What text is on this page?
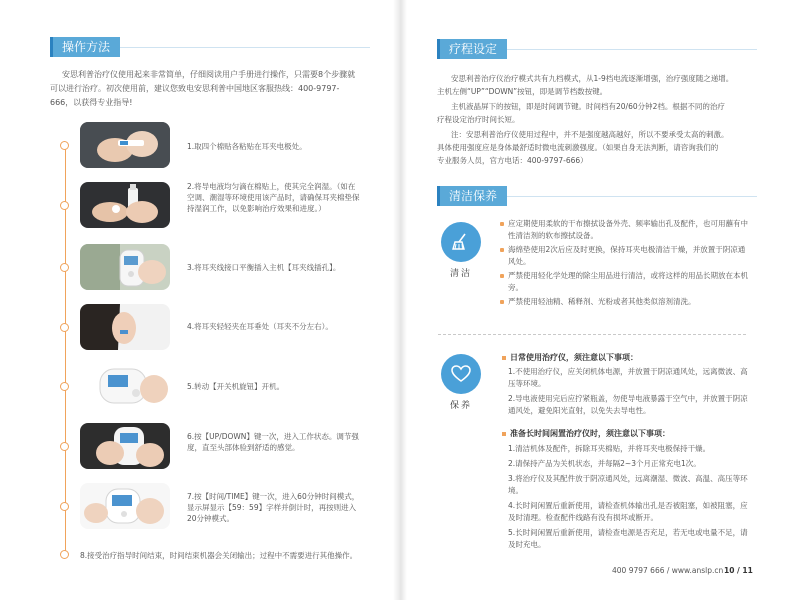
操作方法
安思利普治疗仪使用起来非常简单，仔细阅读用户手册进行操作，只需要8个步骤就
可以进行治疗。初次使用前，建议您致电安思利普中国地区客服热线：400-9797-
666，以获得专业指导!
1.取四个棉贴各粘贴在耳夹电极处。
2.将导电液均匀滴在棉贴上，使其完全润湿。（如在空调、潮湿等环境使用该产品时，请确保耳夹棉垫保持湿润工作，以免影响治疗效果和进度。）
3.将耳夹线接口平衡插入主机【耳夹线插孔】。
4.将耳夹轻轻夹在耳垂处（耳夹不分左右）。
5.转动【开关机旋钮】开机。
6.按【UP/DOWN】键一次，进入工作状态。调节强度，直至头部体验到舒适的感觉。
7.按【时间/TIME】键一次，进入60分钟时间模式，显示屏显示【59：59】字样并倒计时，再按则进入20分钟模式。
8.接受治疗指导时间结束，时间结束机器会关闭输出；过程中不需要进行其他操作。
疗程设定
安思利普治疗仪治疗模式共有九档模式，从1-9档电流逐渐增强，治疗强度随之递增。
主机左侧“UP”“DOWN”按钮，即是调节档数按键。
主机液晶屏下的按钮，即是时间调节键。时间档有20/60分钟2档。根据不同的治疗
疗程设定治疗时间长短。
注：安思利普治疗仪使用过程中，并不是强度越高越好，所以不要承受太高的刺激。
具体使用强度应是身体最舒适时微电流刺激强度。（如果自身无法判断，请咨询我们的
专业服务人员，官方电话：400-9797-666）
清洁保养
清洁
应定期使用柔软的干布擦拭设备外壳、频率输出孔及配件，也可用蘸有中性清洁剂的软布擦拭设备。
海绵垫使用2次后应及时更换，保持耳夹电极清洁干燥，并放置于阴凉通风处。
严禁使用轻化学处理的除尘用品进行清洁，或将这样的用品长期放在本机旁。
严禁使用轻油精、稀释剂、光粉或者其他类似溶剂清洗。
保养
日常使用治疗仪，须注意以下事项：
1.不使用治疗仪，应关闭机体电源，并放置于阴凉通风处，远离微波、高压等环境。
2.导电液使用完后应拧紧瓶盖，勿使导电液暴露于空气中，并放置于阴凉通风处，避免阳光直射，以免失去导电性。
准备长时间闲置治疗仪时，须注意以下事项：
1.清洁机体及配件，拆除耳夹棉贴，并将耳夹电极保持干燥。
2.请保持产品为关机状态，并每隔2~3个月正常充电1次。
3.将治疗仪及其配件放于阴凉通风处，远离潮湿、微波、高温、高压等环境。
4.长时间闲置后重新使用，请检查机体输出孔是否被阻塞，如被阻塞，应及时清理。检查配件线路有没有损坏或断开。
5.长时间闲置后重新使用，请检查电源是否充足，若无电或电量不足，请及时充电。
400 9797 666 / www.anslp.cn 10 / 11
